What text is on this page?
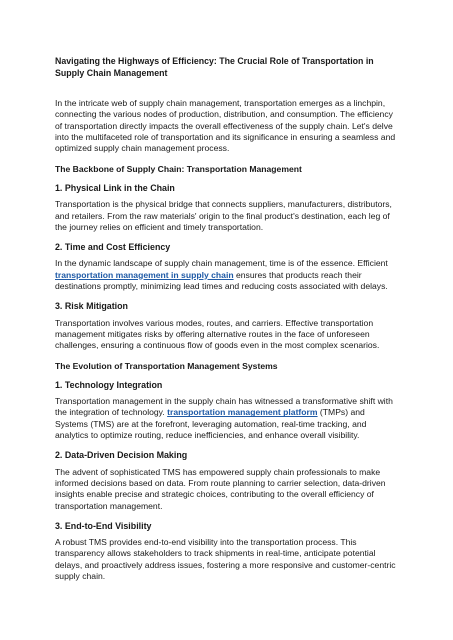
Navigating the Highways of Efficiency: The Crucial Role of Transportation in Supply Chain Management

In the intricate web of supply chain management, transportation emerges as a linchpin, connecting the various nodes of production, distribution, and consumption. The efficiency of transportation directly impacts the overall effectiveness of the supply chain. Let's delve into the multifaceted role of transportation and its significance in ensuring a seamless and optimized supply chain management process.

The Backbone of Supply Chain: Transportation Management
1. Physical Link in the Chain

Transportation is the physical bridge that connects suppliers, manufacturers, distributors, and retailers. From the raw materials' origin to the final product's destination, each leg of the journey relies on efficient and timely transportation.

2. Time and Cost Efficiency

In the dynamic landscape of supply chain management, time is of the essence. Efficient transportation management in supply chain ensures that products reach their destinations promptly, minimizing lead times and reducing costs associated with delays.

3. Risk Mitigation

Transportation involves various modes, routes, and carriers. Effective transportation management mitigates risks by offering alternative routes in the face of unforeseen challenges, ensuring a continuous flow of goods even in the most complex scenarios.

The Evolution of Transportation Management Systems
1. Technology Integration

Transportation management in the supply chain has witnessed a transformative shift with the integration of technology. transportation management platform (TMPs) and Systems (TMS) are at the forefront, leveraging automation, real-time tracking, and analytics to optimize routing, reduce inefficiencies, and enhance overall visibility.

2. Data-Driven Decision Making

The advent of sophisticated TMS has empowered supply chain professionals to make informed decisions based on data. From route planning to carrier selection, data-driven insights enable precise and strategic choices, contributing to the overall efficiency of transportation management.

3. End-to-End Visibility

A robust TMS provides end-to-end visibility into the transportation process. This transparency allows stakeholders to track shipments in real-time, anticipate potential delays, and proactively address issues, fostering a more responsive and customer-centric supply chain.
